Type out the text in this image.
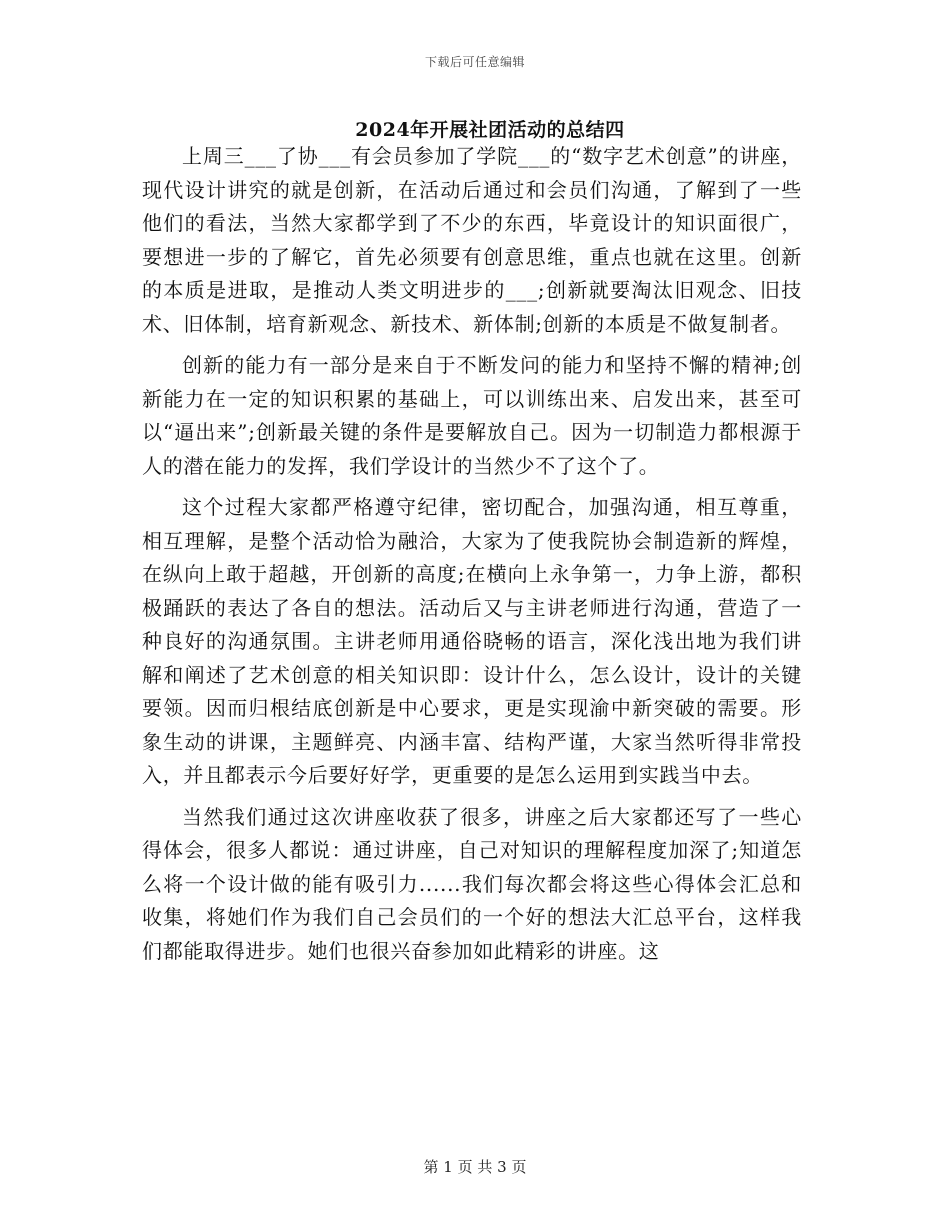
下载后可任意编辑
2024年开展社团活动的总结四

上周三___了协___有会员参加了学院___的“数字艺术创意”的讲座，现代设计讲究的就是创新，在活动后通过和会员们沟通，了解到了一些他们的看法，当然大家都学到了不少的东西，毕竟设计的知识面很广，要想进一步的了解它，首先必须要有创意思维，重点也就在这里。创新的本质是进取，是推动人类文明进步的___;创新就要淘汰旧观念、旧技术、旧体制，培育新观念、新技术、新体制;创新的本质是不做复制者。

创新的能力有一部分是来自于不断发问的能力和坚持不懈的精神;创新能力在一定的知识积累的基础上，可以训练出来、启发出来，甚至可以“逼出来”;创新最关键的条件是要解放自己。因为一切制造力都根源于人的潜在能力的发挥，我们学设计的当然少不了这个了。

这个过程大家都严格遵守纪律，密切配合，加强沟通，相互尊重，相互理解，是整个活动恰为融洽，大家为了使我院协会制造新的辉煌，在纵向上敢于超越，开创新的高度;在横向上永争第一，力争上游，都积极踊跃的表达了各自的想法。活动后又与主讲老师进行沟通，营造了一种良好的沟通氛围。主讲老师用通俗晓畅的语言，深化浅出地为我们讲解和阐述了艺术创意的相关知识即：设计什么，怎么设计，设计的关键要领。因而归根结底创新是中心要求，更是实现渝中新突破的需要。形象生动的讲课，主题鲜亮、内涵丰富、结构严谨，大家当然听得非常投入，并且都表示今后要好好学，更重要的是怎么运用到实践当中去。

当然我们通过这次讲座收获了很多，讲座之后大家都还写了一些心得体会，很多人都说：通过讲座，自己对知识的理解程度加深了;知道怎么将一个设计做的能有吸引力......我们每次都会将这些心得体会汇总和收集，将她们作为我们自己会员们的一个好的想法大汇总平台，这样我们都能取得进步。她们也很兴奋参加如此精彩的讲座。这

第 1 页 共 3 页
